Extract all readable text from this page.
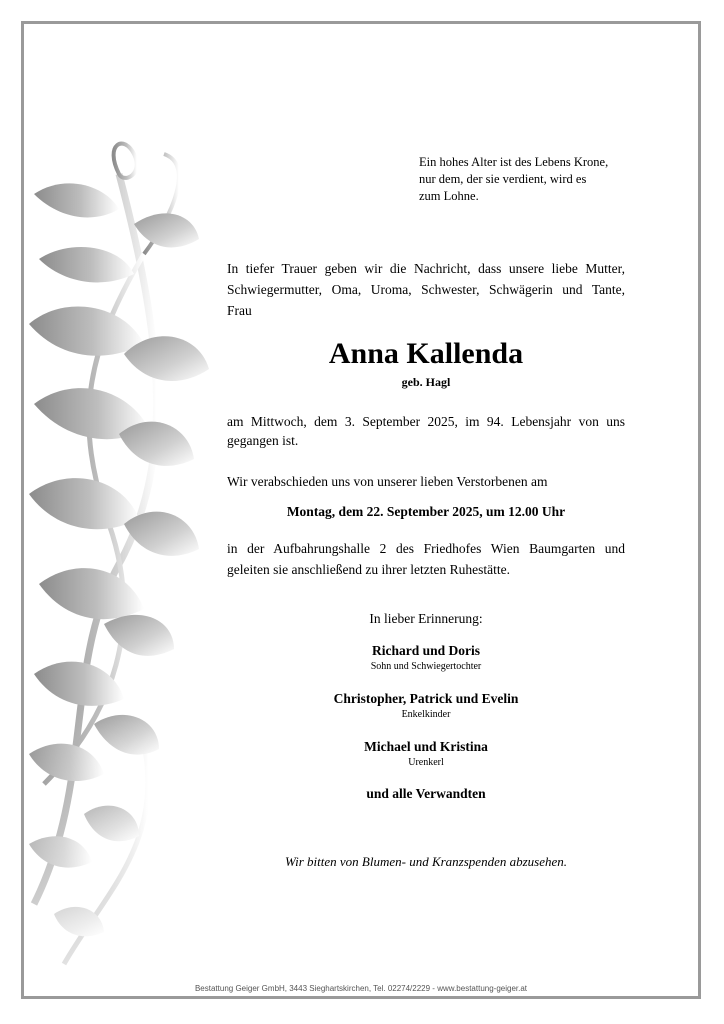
Ein hohes Alter ist des Lebens Krone,
nur dem, der sie verdient, wird es
zum Lohne.
In tiefer Trauer geben wir die Nachricht, dass unsere liebe Mutter,
Schwiegermutter, Oma, Uroma, Schwester, Schwägerin und Tante,
Frau
Anna Kallenda
geb. Hagl
am Mittwoch, dem 3. September 2025, im 94. Lebensjahr von uns
gegangen ist.
Wir verabschieden uns von unserer lieben Verstorbenen am
Montag, dem 22. September 2025, um 12.00 Uhr
in der Aufbahrungshalle 2 des Friedhofes Wien Baumgarten und
geleiten sie anschließend zu ihrer letzten Ruhestätte.
In lieber Erinnerung:
Richard und Doris
Sohn und Schwiegertochter
Christopher, Patrick und Evelin
Enkelkinder
Michael und Kristina
Urenkerl
und alle Verwandten
Wir bitten von Blumen- und Kranzspenden abzusehen.
Bestattung Geiger GmbH, 3443 Sieghartskirchen, Tel. 02274/2229 - www.bestattung-geiger.at
